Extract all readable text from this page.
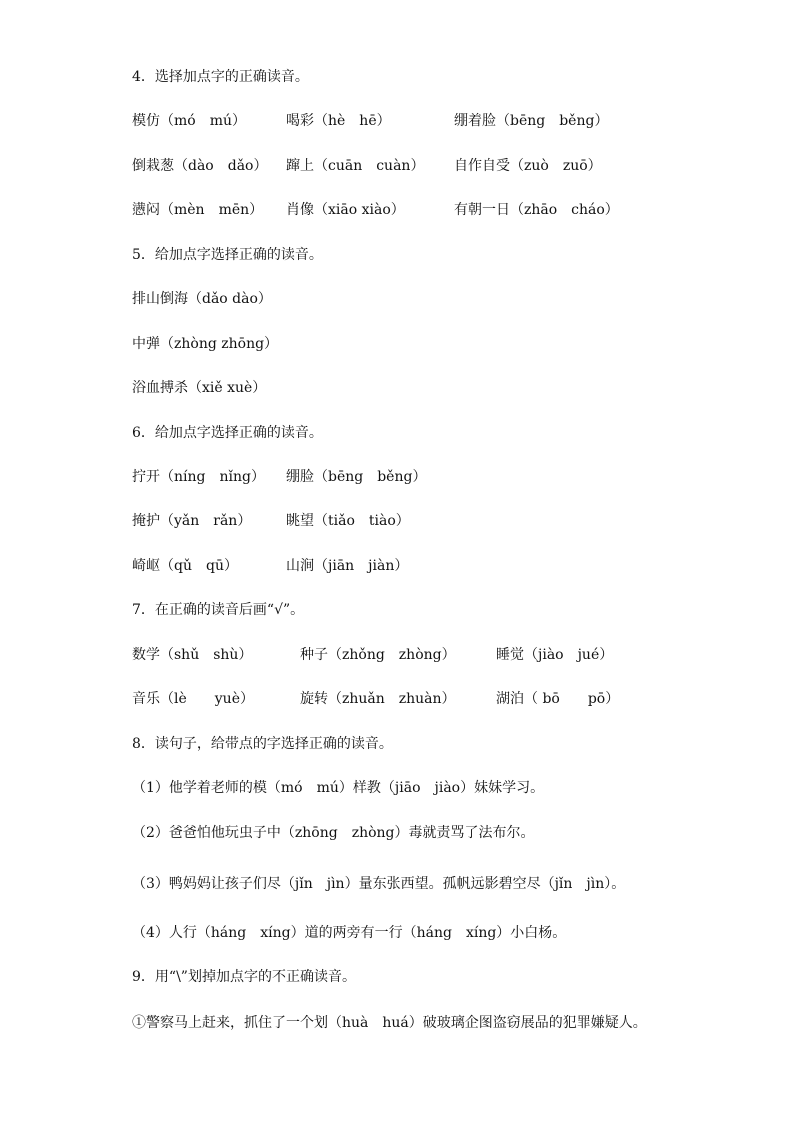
4．选择加点字的正确读音。
模仿（mó　mú）	喝彩（hè　hē）	绷着脸（bēng　běng）
倒栽葱（dào　dǎo） 蹿上（cuān　cuàn） 自作自受（zuò　zuō）
懑闷（mèn　mēn） 肖像（xiāo xiào）	有朝一日（zhāo　cháo）
5．给加点字选择正确的读音。
排山倒海（dǎo dào）
中弹（zhòng zhōng）
浴血搏杀（xiě xuè）
6．给加点字选择正确的读音。
拧开（níng　nǐng） 绷脸（bēng　běng）
掩护（yǎn　rǎn） 眺望（tiǎo　tiào）
崎岖（qǔ　qū）	山涧（jiān　jiàn）
7．在正确的读音后画“√”。
数学（shǔ　shù）	种子（zhǒng　zhòng）	睡觉（jiào　jué）
音乐（lè　　yuè）	旋转（zhuǎn　zhuàn）	湖泊（ bō　　pō）
8．读句子，给带点的字选择正确的读音。
（1）他学着老师的模（mó　mú）样教（jiāo　jiào）妹妹学习。
（2）爸爸怕他玩虫子中（zhōng　zhòng）毒就责骂了法布尔。
（3）鸭妈妈让孩子们尽（jǐn　jìn）量东张西望。孤帆远影碧空尽（jǐn　jìn）。
（4）人行（háng　xíng）道的两旁有一行（háng　xíng）小白杨。
9．用“\”划掉加点字的不正确读音。
①警察马上赶来，抓住了一个划（huà　huá）破玻璃企图盗窃展品的犯罪嫌疑人。
